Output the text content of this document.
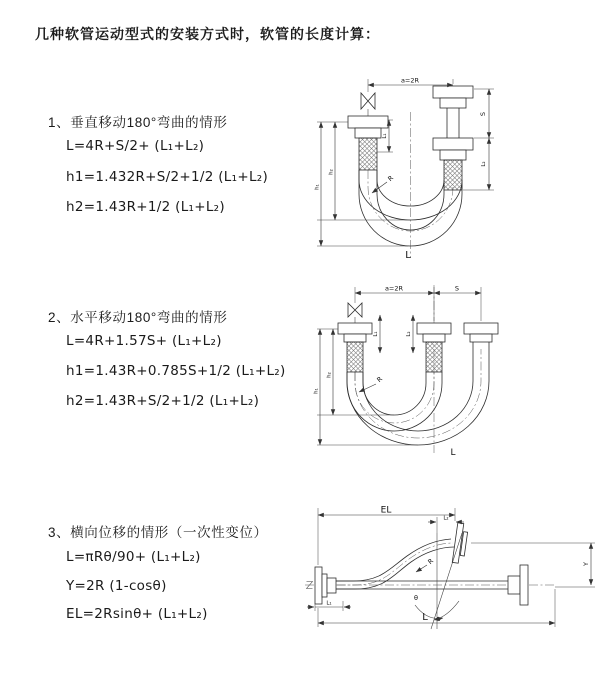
几种软管运动型式的安装方式时，软管的长度计算：
1、垂直移动180°弯曲的情形
L=4R+S/2+ (L₁+L₂)
h1=1.432R+S/2+1/2 (L₁+L₂)
h2=1.43R+1/2 (L₁+L₂)
2、水平移动180°弯曲的情形
L=4R+1.57S+ (L₁+L₂)
h1=1.43R+0.785S+1/2 (L₁+L₂)
h2=1.43R+S/2+1/2 (L₁+L₂)
3、横向位移的情形（一次性变位）
L=πRθ/90+ (L₁+L₂)
Y=2R (1-cosθ)
EL=2Rsinθ+ (L₁+L₂)
a=2R
S
L₂
h₁
h₂
L₁
R
L
a=2R	S
L₁	L₂
h₁
h₂	R
L
θ
R
EL
L₂
Y
L₁
L
